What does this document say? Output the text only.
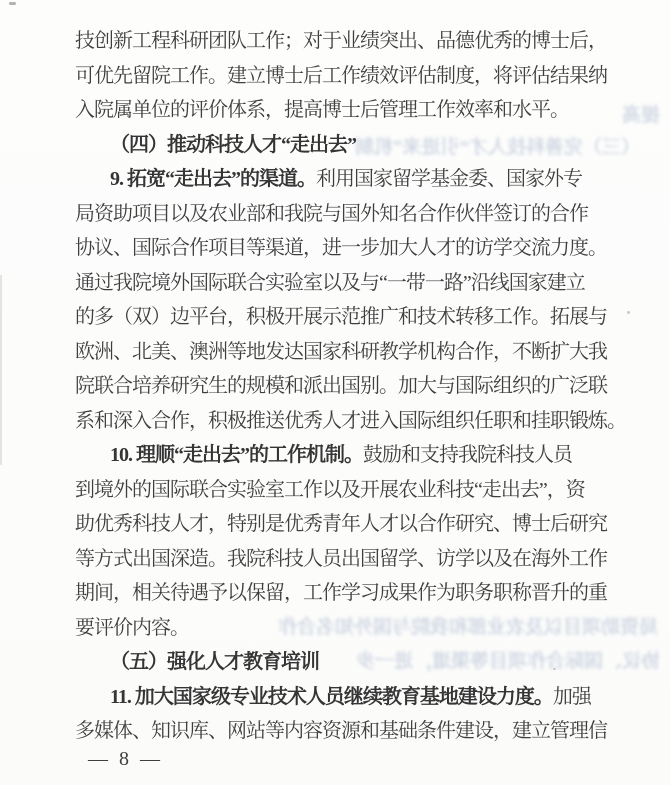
提高
（三）完善科技人才“引进来”机制
局资助项目以及农业部和我院与国外知名合作
协议、国际合作项目等渠道，进一步
技创新工程科研团队工作；对于业绩突出、品德优秀的博士后，
可优先留院工作。建立博士后工作绩效评估制度，将评估结果纳
入院属单位的评价体系，提高博士后管理工作效率和水平。
（四）推动科技人才“走出去”
9. 拓宽“走出去”的渠道。利用国家留学基金委、国家外专
局资助项目以及农业部和我院与国外知名合作伙伴签订的合作
协议、国际合作项目等渠道，进一步加大人才的访学交流力度。
通过我院境外国际联合实验室以及与“一带一路”沿线国家建立
的多（双）边平台，积极开展示范推广和技术转移工作。拓展与
欧洲、北美、澳洲等地发达国家科研教学机构合作，不断扩大我
院联合培养研究生的规模和派出国别。加大与国际组织的广泛联
系和深入合作，积极推送优秀人才进入国际组织任职和挂职锻炼。
10. 理顺“走出去”的工作机制。鼓励和支持我院科技人员
到境外的国际联合实验室工作以及开展农业科技“走出去”，资
助优秀科技人才，特别是优秀青年人才以合作研究、博士后研究
等方式出国深造。我院科技人员出国留学、访学以及在海外工作
期间，相关待遇予以保留，工作学习成果作为职务职称晋升的重
要评价内容。
（五）强化人才教育培训
11. 加大国家级专业技术人员继续教育基地建设力度。加强
多媒体、知识库、网站等内容资源和基础条件建设，建立管理信
— 8 —
